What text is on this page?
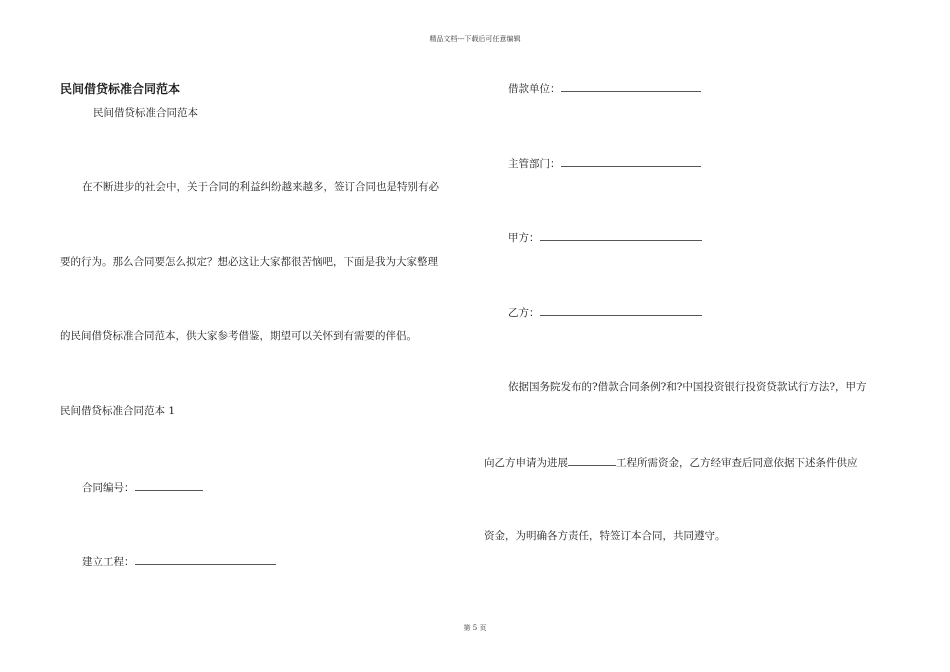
精品文档---下载后可任意编辑
民间借贷标准合同范本
民间借贷标准合同范本
在不断进步的社会中，关于合同的利益纠纷越来越多，签订合同也是特别有必
要的行为。那么合同要怎么拟定？想必这让大家都很苦恼吧，下面是我为大家整理
的民间借贷标准合同范本，供大家参考借鉴，期望可以关怀到有需要的伴侣。
民间借贷标准合同范本 1
合同编号：
建立工程：
借款单位：
主管部门：
甲方：
乙方：
依据国务院发布的?借款合同条例?和?中国投资银行投资贷款试行方法?，甲方
向乙方申请为进展	工程所需资金，乙方经审查后同意依据下述条件供应
资金，为明确各方责任，特签订本合同，共同遵守。
第 5 页
